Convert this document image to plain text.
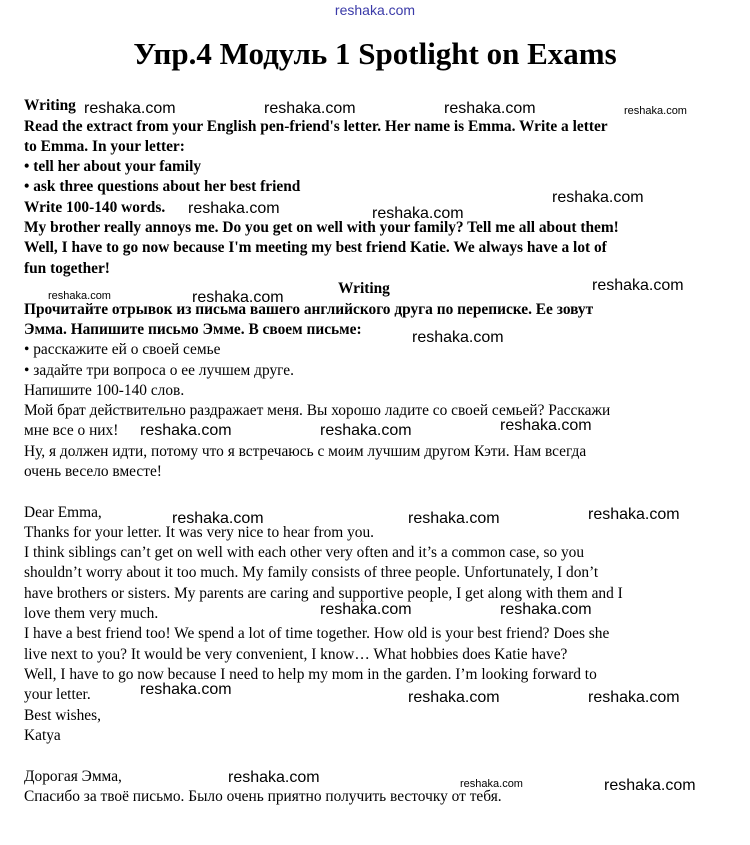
reshaka.com
Упр.4 Модуль 1 Spotlight on Exams
Writing
Read the extract from your English pen-friend's letter. Her name is Emma. Write a letter
to Emma. In your letter:
• tell her about your family
• ask three questions about her best friend
Write 100-140 words.
My brother really annoys me. Do you get on well with your family? Tell me all about them!
Well, I have to go now because I'm meeting my best friend Katie. We always have a lot of
fun together!
Writing
Прочитайте отрывок из письма вашего английского друга по переписке. Ее зовут
Эмма. Напишите письмо Эмме. В своем письме:
• расскажите ей о своей семье
• задайте три вопроса о ее лучшем друге.
Напишите 100-140 слов.
Мой брат действительно раздражает меня. Вы хорошо ладите со своей семьей? Расскажи
мне все о них!
Ну, я должен идти, потому что я встречаюсь с моим лучшим другом Кэти. Нам всегда
очень весело вместе!
Dear Emma,
Thanks for your letter. It was very nice to hear from you.
I think siblings can’t get on well with each other very often and it’s a common case, so you
shouldn’t worry about it too much. My family consists of three people. Unfortunately, I don’t
have brothers or sisters. My parents are caring and supportive people, I get along with them and I
love them very much.
I have a best friend too! We spend a lot of time together. How old is your best friend? Does she
live next to you? It would be very convenient, I know… What hobbies does Katie have?
Well, I have to go now because I need to help my mom in the garden. I’m looking forward to
your letter.
Best wishes,
Katya
Дорогая Эмма,
Спасибо за твоё письмо. Было очень приятно получить весточку от тебя.
reshaka.com	reshaka.com	reshaka.com	reshaka.com
reshaka.com
reshaka.com	reshaka.com
reshaka.com
reshaka.com	reshaka.com
reshaka.com
reshaka.com	reshaka.com	reshaka.com
reshaka.com	reshaka.com	reshaka.com
reshaka.com	reshaka.com
reshaka.com	reshaka.com	reshaka.com
reshaka.com	reshaka.com	reshaka.com
